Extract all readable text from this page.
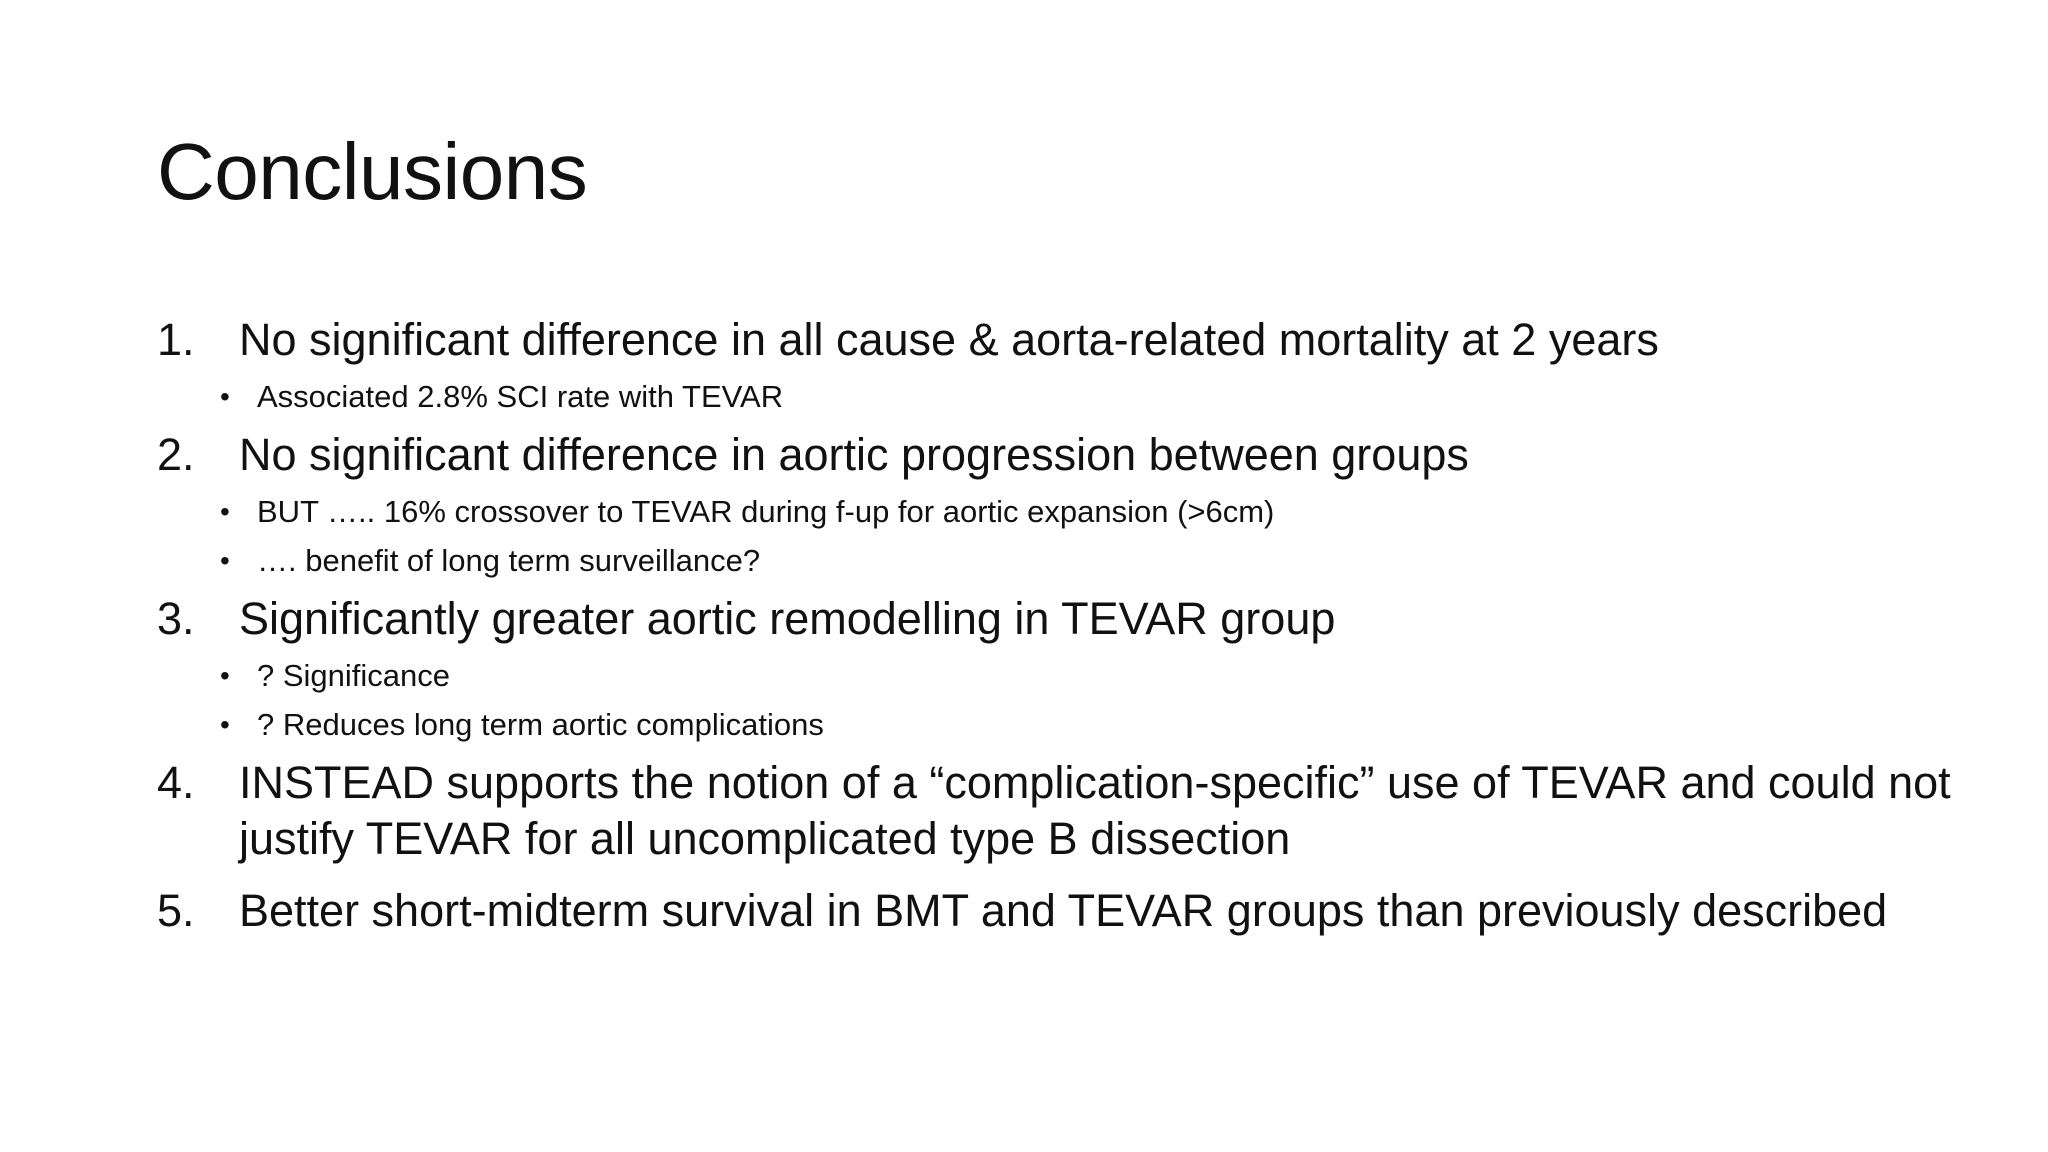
Conclusions
1. No significant difference in all cause & aorta-related mortality at 2 years
• Associated 2.8% SCI rate with TEVAR
2. No significant difference in aortic progression between groups
• BUT ….. 16% crossover to TEVAR during f-up for aortic expansion (>6cm)
• …. benefit of long term surveillance?
3. Significantly greater aortic remodelling in TEVAR group
• ? Significance
• ? Reduces long term aortic complications
4. INSTEAD supports the notion of a “complication-specific” use of TEVAR and could not justify TEVAR for all uncomplicated type B dissection
5. Better short-midterm survival in BMT and TEVAR groups than previously described
